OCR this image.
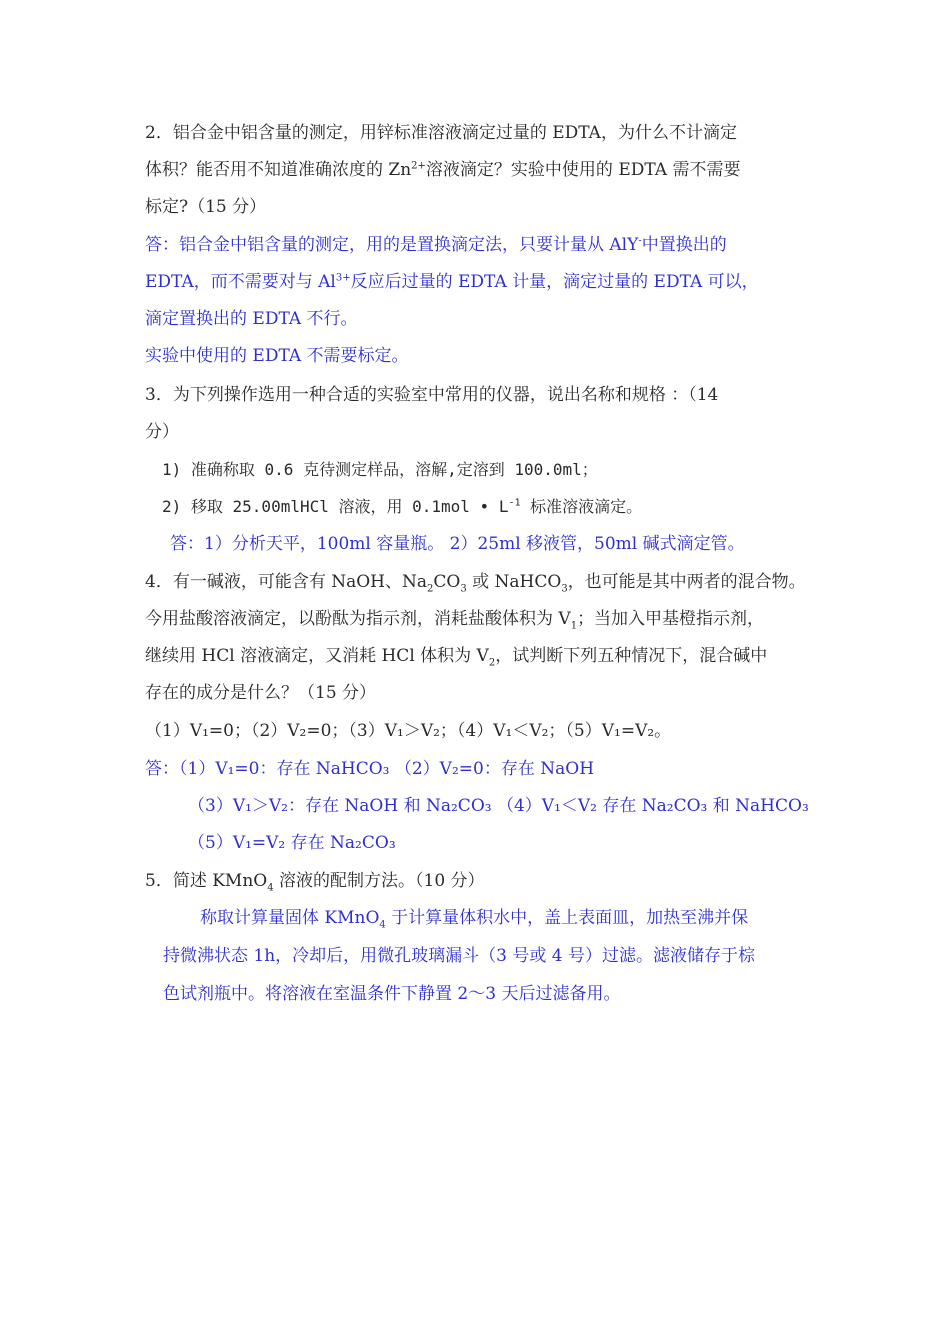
2．铝合金中铝含量的测定，用锌标准溶液滴定过量的 EDTA，为什么不计滴定
体积？能否用不知道准确浓度的 $Zn^{2+}$溶液滴定？实验中使用的 EDTA 需不需要
标定?（15 分）
答：铝合金中铝含量的测定，用的是置换滴定法，只要计量从 AlY-中置换出的
EDTA，而不需要对与 $Al^{3+}$反应后过量的 EDTA 计量，滴定过量的 EDTA 可以，
滴定置换出的 EDTA 不行。
实验中使用的 EDTA 不需要标定。
3．为下列操作选用一种合适的实验室中常用的仪器，说出名称和规格 ：（14
分）
1) 准确称取 0.6 克待测定样品，溶解,定溶到 100.0ml；
2) 移取 25.00mlHCl 溶液，用 0.1mol • $L^{-1}$ 标准溶液滴定。
答：1）分析天平，100ml 容量瓶。 2）25ml 移液管，50ml 碱式滴定管。
4．有一碱液，可能含有 NaOH、$Na_2CO_3$ 或 NaHCO$_3$，也可能是其中两者的混合物。
今用盐酸溶液滴定，以酚酞为指示剂，消耗盐酸体积为 $V_1$；当加入甲基橙指示剂，
继续用 HCl 溶液滴定，又消耗 HCl 体积为 $V_2$，试判断下列五种情况下，混合碱中
存在的成分是什么？（15 分）
（1）V₁=0；（2）V₂=0；（3）V₁＞V₂；（4）V₁＜V₂；（5）V₁=V₂。
答：（1）V₁=0：存在 NaHCO₃ （2）V₂=0：存在 NaOH
（3）V₁＞V₂：存在 NaOH 和 Na₂CO₃ （4）V₁＜V₂ 存在 Na₂CO₃ 和 NaHCO₃
（5）V₁=V₂ 存在 Na₂CO₃
5．简述 KMnO$_4$ 溶液的配制方法。（10 分）
称取计算量固体 KMnO$_4$ 于计算量体积水中，盖上表面皿，加热至沸并保
持微沸状态 1h，冷却后，用微孔玻璃漏斗（3 号或 4 号）过滤。滤液储存于棕
色试剂瓶中。将溶液在室温条件下静置 2～3 天后过滤备用。
